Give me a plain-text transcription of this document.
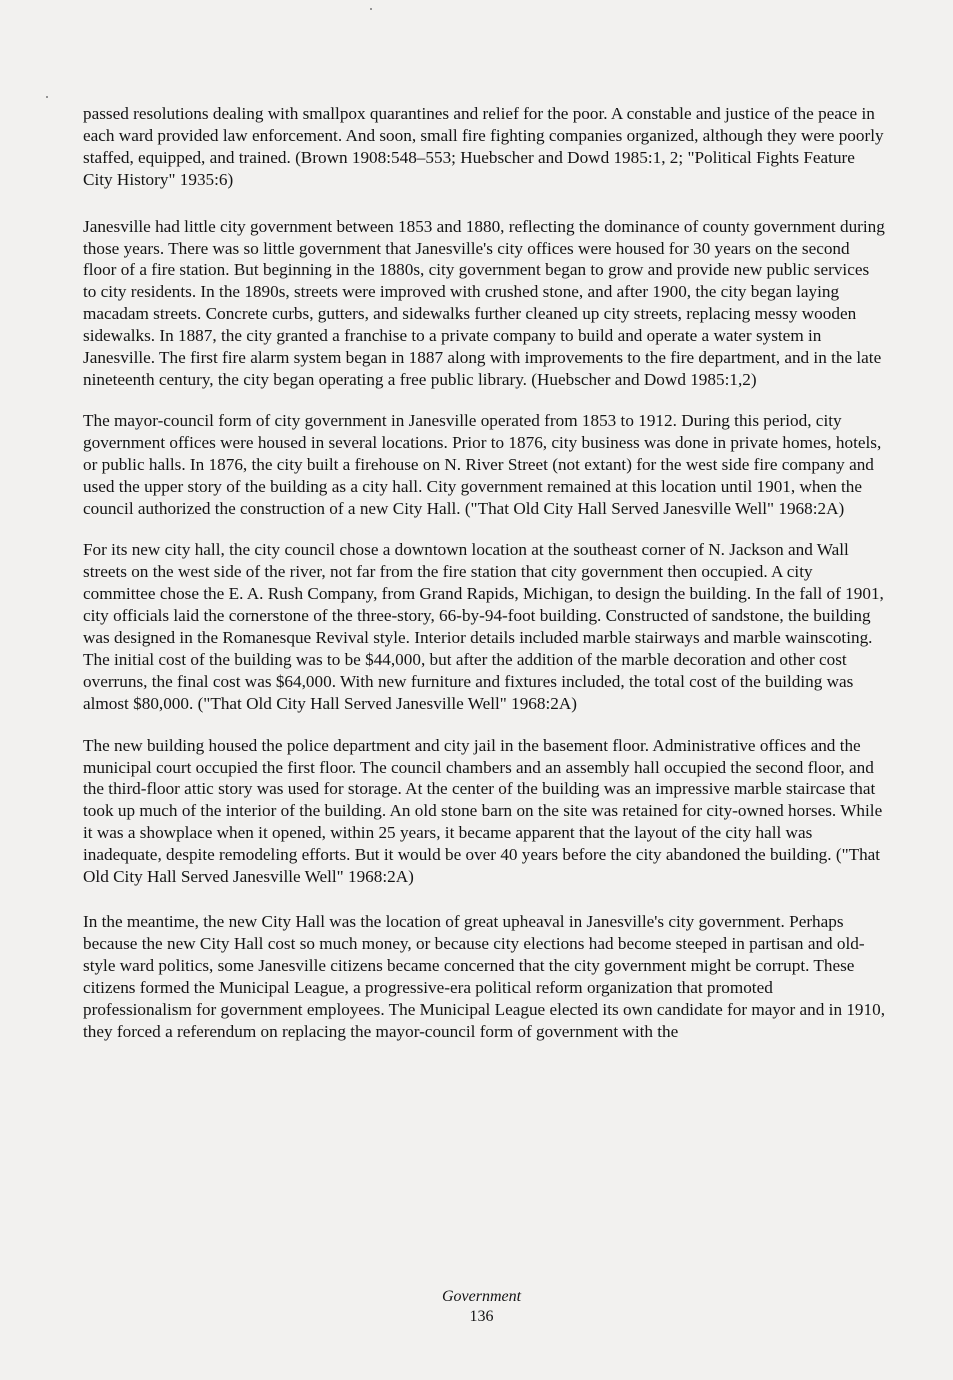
passed resolutions dealing with smallpox quarantines and relief for the poor. A constable and justice of the peace in each ward provided law enforcement. And soon, small fire fighting companies organized, although they were poorly staffed, equipped, and trained. (Brown 1908:548–553; Huebscher and Dowd 1985:1, 2; "Political Fights Feature City History" 1935:6)

Janesville had little city government between 1853 and 1880, reflecting the dominance of county government during those years. There was so little government that Janesville's city offices were housed for 30 years on the second floor of a fire station. But beginning in the 1880s, city government began to grow and provide new public services to city residents. In the 1890s, streets were improved with crushed stone, and after 1900, the city began laying macadam streets. Concrete curbs, gutters, and sidewalks further cleaned up city streets, replacing messy wooden sidewalks. In 1887, the city granted a franchise to a private company to build and operate a water system in Janesville. The first fire alarm system began in 1887 along with improvements to the fire department, and in the late nineteenth century, the city began operating a free public library. (Huebscher and Dowd 1985:1,2)

The mayor-council form of city government in Janesville operated from 1853 to 1912. During this period, city government offices were housed in several locations. Prior to 1876, city business was done in private homes, hotels, or public halls. In 1876, the city built a firehouse on N. River Street (not extant) for the west side fire company and used the upper story of the building as a city hall. City government remained at this location until 1901, when the council authorized the construction of a new City Hall. ("That Old City Hall Served Janesville Well" 1968:2A)

For its new city hall, the city council chose a downtown location at the southeast corner of N. Jackson and Wall streets on the west side of the river, not far from the fire station that city government then occupied. A city committee chose the E. A. Rush Company, from Grand Rapids, Michigan, to design the building. In the fall of 1901, city officials laid the cornerstone of the three-story, 66-by-94-foot building. Constructed of sandstone, the building was designed in the Romanesque Revival style. Interior details included marble stairways and marble wainscoting. The initial cost of the building was to be $44,000, but after the addition of the marble decoration and other cost overruns, the final cost was $64,000. With new furniture and fixtures included, the total cost of the building was almost $80,000. ("That Old City Hall Served Janesville Well" 1968:2A)

The new building housed the police department and city jail in the basement floor. Administrative offices and the municipal court occupied the first floor. The council chambers and an assembly hall occupied the second floor, and the third-floor attic story was used for storage. At the center of the building was an impressive marble staircase that took up much of the interior of the building. An old stone barn on the site was retained for city-owned horses. While it was a showplace when it opened, within 25 years, it became apparent that the layout of the city hall was inadequate, despite remodeling efforts. But it would be over 40 years before the city abandoned the building. ("That Old City Hall Served Janesville Well" 1968:2A)

In the meantime, the new City Hall was the location of great upheaval in Janesville's city government. Perhaps because the new City Hall cost so much money, or because city elections had become steeped in partisan and old-style ward politics, some Janesville citizens became concerned that the city government might be corrupt. These citizens formed the Municipal League, a progressive-era political reform organization that promoted professionalism for government employees. The Municipal League elected its own candidate for mayor and in 1910, they forced a referendum on replacing the mayor-council form of government with the

Government
136
